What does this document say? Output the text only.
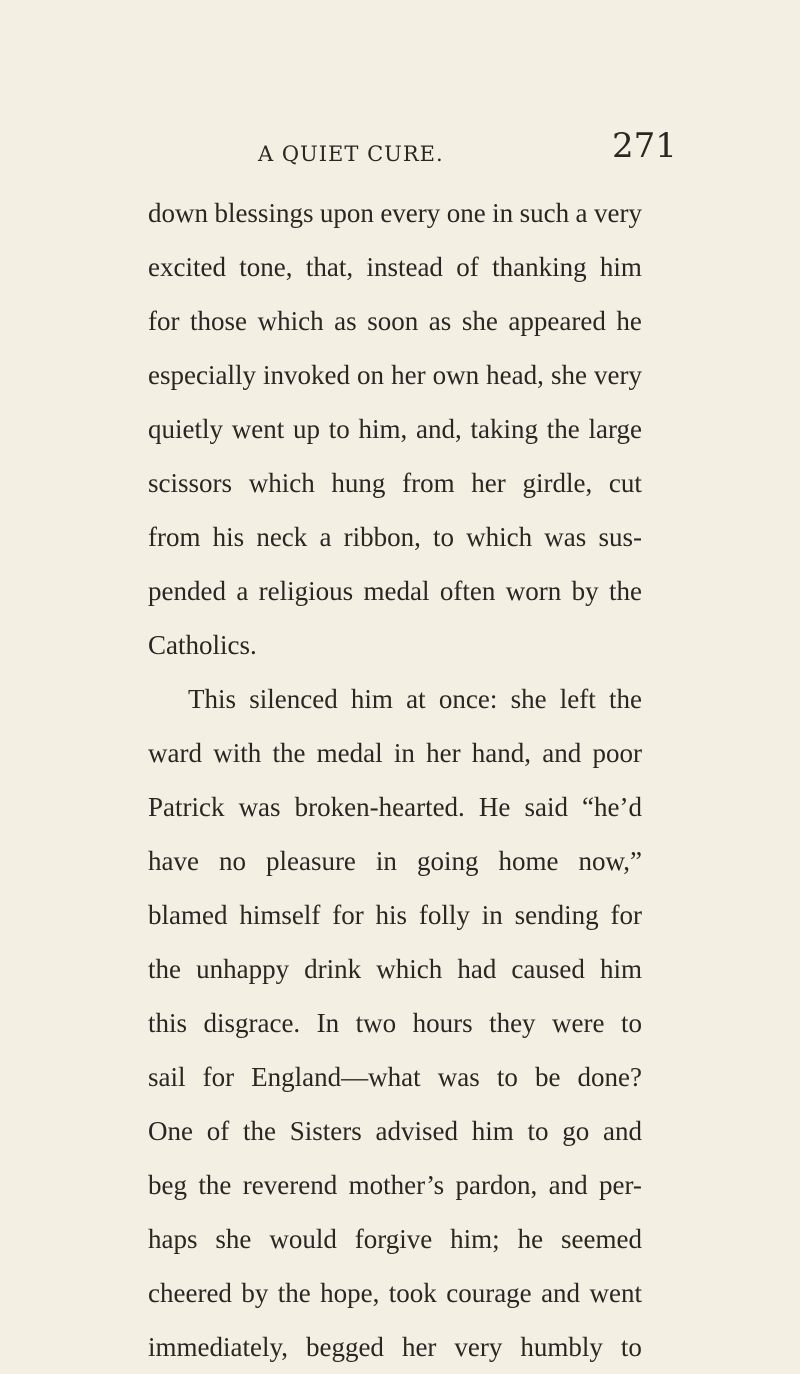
A QUIET CURE.	271
down blessings upon every one in such a very
excited tone, that, instead of thanking him
for those which as soon as she appeared he
especially invoked on her own head, she very
quietly went up to him, and, taking the large
scissors which hung from her girdle, cut
from his neck a ribbon, to which was sus-
pended a religious medal often worn by the
Catholics.
This silenced him at once: she left the
ward with the medal in her hand, and poor
Patrick was broken-hearted. He said “he’d
have no pleasure in going home now,”
blamed himself for his folly in sending for
the unhappy drink which had caused him
this disgrace. In two hours they were to
sail for England—what was to be done?
One of the Sisters advised him to go and
beg the reverend mother’s pardon, and per-
haps she would forgive him; he seemed
cheered by the hope, took courage and went
immediately, begged her very humbly to
